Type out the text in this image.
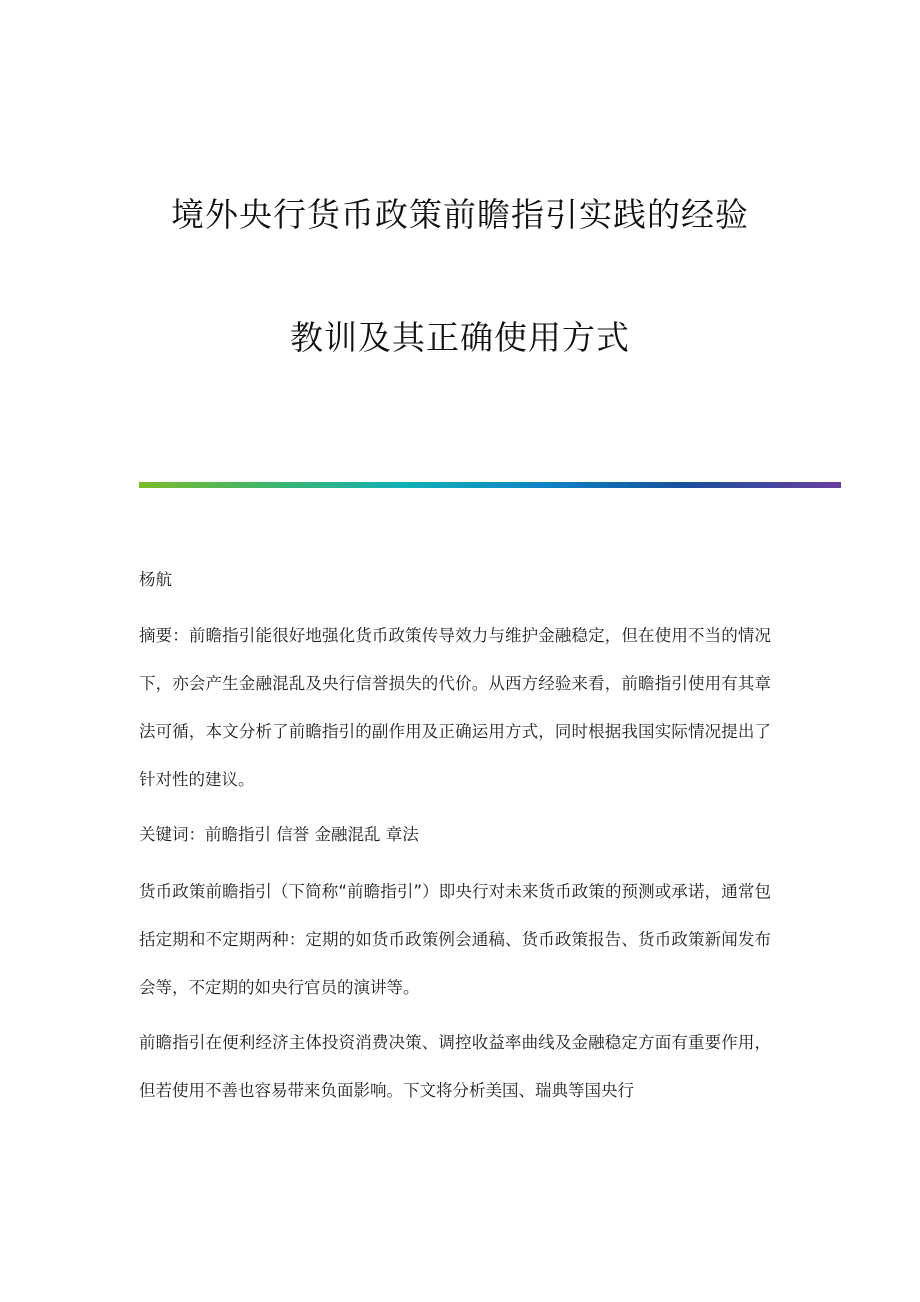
境外央行货币政策前瞻指引实践的经验
教训及其正确使用方式
杨航
摘要：前瞻指引能很好地强化货币政策传导效力与维护金融稳定，但在使用不当的情况下，亦会产生金融混乱及央行信誉损失的代价。从西方经验来看，前瞻指引使用有其章法可循，本文分析了前瞻指引的副作用及正确运用方式，同时根据我国实际情况提出了针对性的建议。
关键词：前瞻指引 信誉 金融混乱 章法
货币政策前瞻指引（下简称“前瞻指引”）即央行对未来货币政策的预测或承诺，通常包括定期和不定期两种：定期的如货币政策例会通稿、货币政策报告、货币政策新闻发布会等，不定期的如央行官员的演讲等。
前瞻指引在便利经济主体投资消费决策、调控收益率曲线及金融稳定方面有重要作用，但若使用不善也容易带来负面影响。下文将分析美国、瑞典等国央行
